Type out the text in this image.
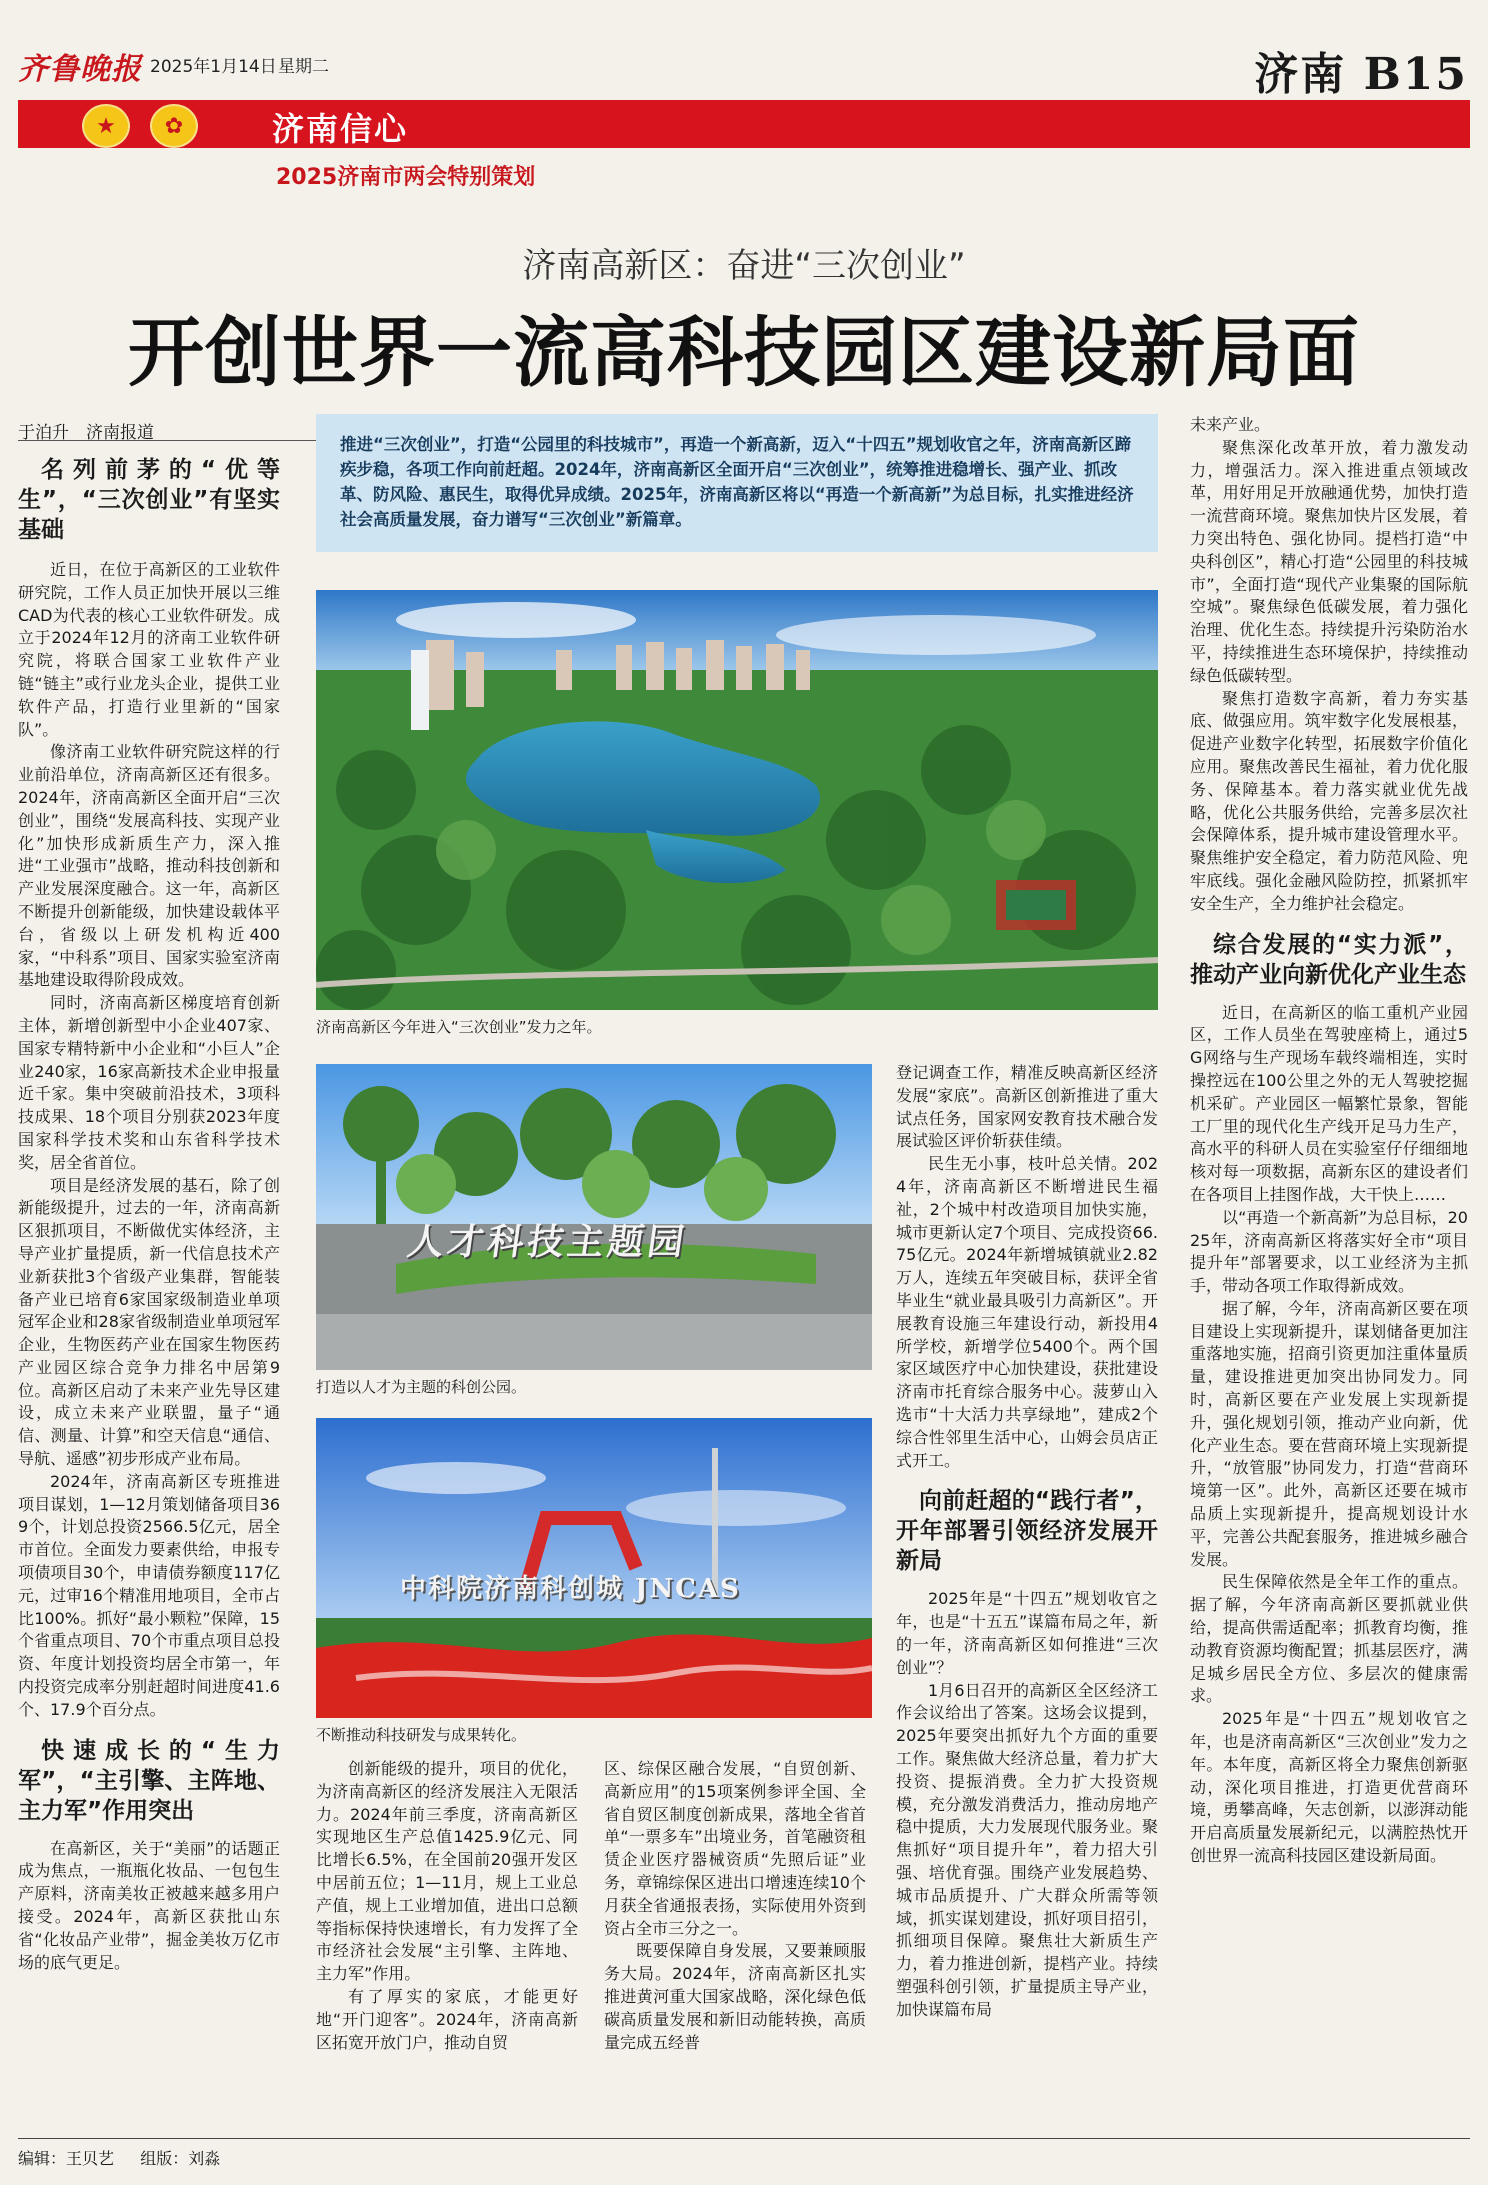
齐鲁晚报 2025年1月14日 星期二	济南 B15
★	✿	济南信心
2025济南市两会特别策划
济南高新区：奋进“三次创业”
开创世界一流高科技园区建设新局面
于泊升　济南报道
推进“三次创业”，打造“公园里的科技城市”，再造一个新高新，迈入“十四五”规划收官之年，济南高新区蹄疾步稳，各项工作向前赶超。2024年，济南高新区全面开启“三次创业”，统筹推进稳增长、强产业、抓改革、防风险、惠民生，取得优异成绩。2025年，济南高新区将以“再造一个新高新”为总目标，扎实推进经济社会高质量发展，奋力谱写“三次创业”新篇章。

名列前茅的“优等生”，“三次创业”有坚实基础

近日，在位于高新区的工业软件研究院，工作人员正加快开展以三维CAD为代表的核心工业软件研发。成立于2024年12月的济南工业软件研究院，将联合国家工业软件产业链“链主”或行业龙头企业，提供工业软件产品，打造行业里新的“国家队”。

像济南工业软件研究院这样的行业前沿单位，济南高新区还有很多。2024年，济南高新区全面开启“三次创业”，围绕“发展高科技、实现产业化”加快形成新质生产力，深入推进“工业强市”战略，推动科技创新和产业发展深度融合。这一年，高新区不断提升创新能级，加快建设载体平台，省级以上研发机构近400家，“中科系”项目、国家实验室济南基地建设取得阶段成效。

同时，济南高新区梯度培育创新主体，新增创新型中小企业407家、国家专精特新中小企业和“小巨人”企业240家，16家高新技术企业申报量近千家。集中突破前沿技术，3项科技成果、18个项目分别获2023年度国家科学技术奖和山东省科学技术奖，居全省首位。

项目是经济发展的基石，除了创新能级提升，过去的一年，济南高新区狠抓项目，不断做优实体经济，主导产业扩量提质，新一代信息技术产业新获批3个省级产业集群，智能装备产业已培育6家国家级制造业单项冠军企业和28家省级制造业单项冠军企业，生物医药产业在国家生物医药产业园区综合竞争力排名中居第9位。高新区启动了未来产业先导区建设，成立未来产业联盟，量子“通信、测量、计算”和空天信息“通信、导航、遥感”初步形成产业布局。

2024年，济南高新区专班推进项目谋划，1—12月策划储备项目369个，计划总投资2566.5亿元，居全市首位。全面发力要素供给，申报专项债项目30个，申请债券额度117亿元，过审16个精准用地项目，全市占比100%。抓好“最小颗粒”保障，15个省重点项目、70个市重点项目总投资、年度计划投资均居全市第一，年内投资完成率分别赶超时间进度41.6个、17.9个百分点。

快速成长的“生力军”，“主引擎、主阵地、主力军”作用突出

在高新区，关于“美丽”的话题正成为焦点，一瓶瓶化妆品、一包包生产原料，济南美妆正被越来越多用户接受。2024年，高新区获批山东省“化妆品产业带”，掘金美妆万亿市场的底气更足。

济南高新区今年进入“三次创业”发力之年。
人才科技主题园
打造以人才为主题的科创公园。
中科院济南科创城 JNCAS
不断推动科技研发与成果转化。

创新能级的提升，项目的优化，为济南高新区的经济发展注入无限活力。2024年前三季度，济南高新区实现地区生产总值1425.9亿元、同比增长6.5%，在全国前20强开发区中居前五位；1—11月，规上工业总产值，规上工业增加值，进出口总额等指标保持快速增长，有力发挥了全市经济社会发展“主引擎、主阵地、主力军”作用。

有了厚实的家底，才能更好地“开门迎客”。2024年，济南高新区拓宽开放门户，推动自贸

区、综保区融合发展，“自贸创新、高新应用”的15项案例参评全国、全省自贸区制度创新成果，落地全省首单“一票多车”出境业务，首笔融资租赁企业医疗器械资质“先照后证”业务，章锦综保区进出口增速连续10个月获全省通报表扬，实际使用外资到资占全市三分之一。

既要保障自身发展，又要兼顾服务大局。2024年，济南高新区扎实推进黄河重大国家战略，深化绿色低碳高质量发展和新旧动能转换，高质量完成五经普

登记调查工作，精准反映高新区经济发展“家底”。高新区创新推进了重大试点任务，国家网安教育技术融合发展试验区评价斩获佳绩。

民生无小事，枝叶总关情。2024年，济南高新区不断增进民生福祉，2个城中村改造项目加快实施，城市更新认定7个项目、完成投资66.75亿元。2024年新增城镇就业2.82万人，连续五年突破目标，获评全省毕业生“就业最具吸引力高新区”。开展教育设施三年建设行动，新投用4所学校，新增学位5400个。两个国家区域医疗中心加快建设，获批建设济南市托育综合服务中心。菠萝山入选市“十大活力共享绿地”，建成2个综合性邻里生活中心，山姆会员店正式开工。

向前赶超的“践行者”，开年部署引领经济发展开新局

2025年是“十四五”规划收官之年，也是“十五五”谋篇布局之年，新的一年，济南高新区如何推进“三次创业”？

1月6日召开的高新区全区经济工作会议给出了答案。这场会议提到，2025年要突出抓好九个方面的重要工作。聚焦做大经济总量，着力扩大投资、提振消费。全力扩大投资规模，充分激发消费活力，推动房地产稳中提质，大力发展现代服务业。聚焦抓好“项目提升年”，着力招大引强、培优育强。围绕产业发展趋势、城市品质提升、广大群众所需等领域，抓实谋划建设，抓好项目招引，抓细项目保障。聚焦壮大新质生产力，着力推进创新，提档产业。持续塑强科创引领，扩量提质主导产业，加快谋篇布局

未来产业。

聚焦深化改革开放，着力激发动力，增强活力。深入推进重点领域改革，用好用足开放融通优势，加快打造一流营商环境。聚焦加快片区发展，着力突出特色、强化协同。提档打造“中央科创区”，精心打造“公园里的科技城市”，全面打造“现代产业集聚的国际航空城”。聚焦绿色低碳发展，着力强化治理、优化生态。持续提升污染防治水平，持续推进生态环境保护，持续推动绿色低碳转型。

聚焦打造数字高新，着力夯实基底、做强应用。筑牢数字化发展根基，促进产业数字化转型，拓展数字价值化应用。聚焦改善民生福祉，着力优化服务、保障基本。着力落实就业优先战略，优化公共服务供给，完善多层次社会保障体系，提升城市建设管理水平。聚焦维护安全稳定，着力防范风险、兜牢底线。强化金融风险防控，抓紧抓牢安全生产，全力维护社会稳定。

综合发展的“实力派”，推动产业向新优化产业生态

近日，在高新区的临工重机产业园区，工作人员坐在驾驶座椅上，通过5G网络与生产现场车载终端相连，实时操控远在100公里之外的无人驾驶挖掘机采矿。产业园区一幅繁忙景象，智能工厂里的现代化生产线开足马力生产，高水平的科研人员在实验室仔仔细细地核对每一项数据，高新东区的建设者们在各项目上挂图作战，大干快上……

以“再造一个新高新”为总目标，2025年，济南高新区将落实好全市“项目提升年”部署要求，以工业经济为主抓手，带动各项工作取得新成效。

据了解，今年，济南高新区要在项目建设上实现新提升，谋划储备更加注重落地实施，招商引资更加注重体量质量，建设推进更加突出协同发力。同时，高新区要在产业发展上实现新提升，强化规划引领，推动产业向新，优化产业生态。要在营商环境上实现新提升，“放管服”协同发力，打造“营商环境第一区”。此外，高新区还要在城市品质上实现新提升，提高规划设计水平，完善公共配套服务，推进城乡融合发展。

民生保障依然是全年工作的重点。据了解，今年济南高新区要抓就业供给，提高供需适配率；抓教育均衡，推动教育资源均衡配置；抓基层医疗，满足城乡居民全方位、多层次的健康需求。

2025年是“十四五”规划收官之年，也是济南高新区“三次创业”发力之年。本年度，高新区将全力聚焦创新驱动，深化项目推进，打造更优营商环境，勇攀高峰，矢志创新，以澎湃动能开启高质量发展新纪元，以满腔热忱开创世界一流高科技园区建设新局面。

编辑：王贝艺 组版：刘淼
